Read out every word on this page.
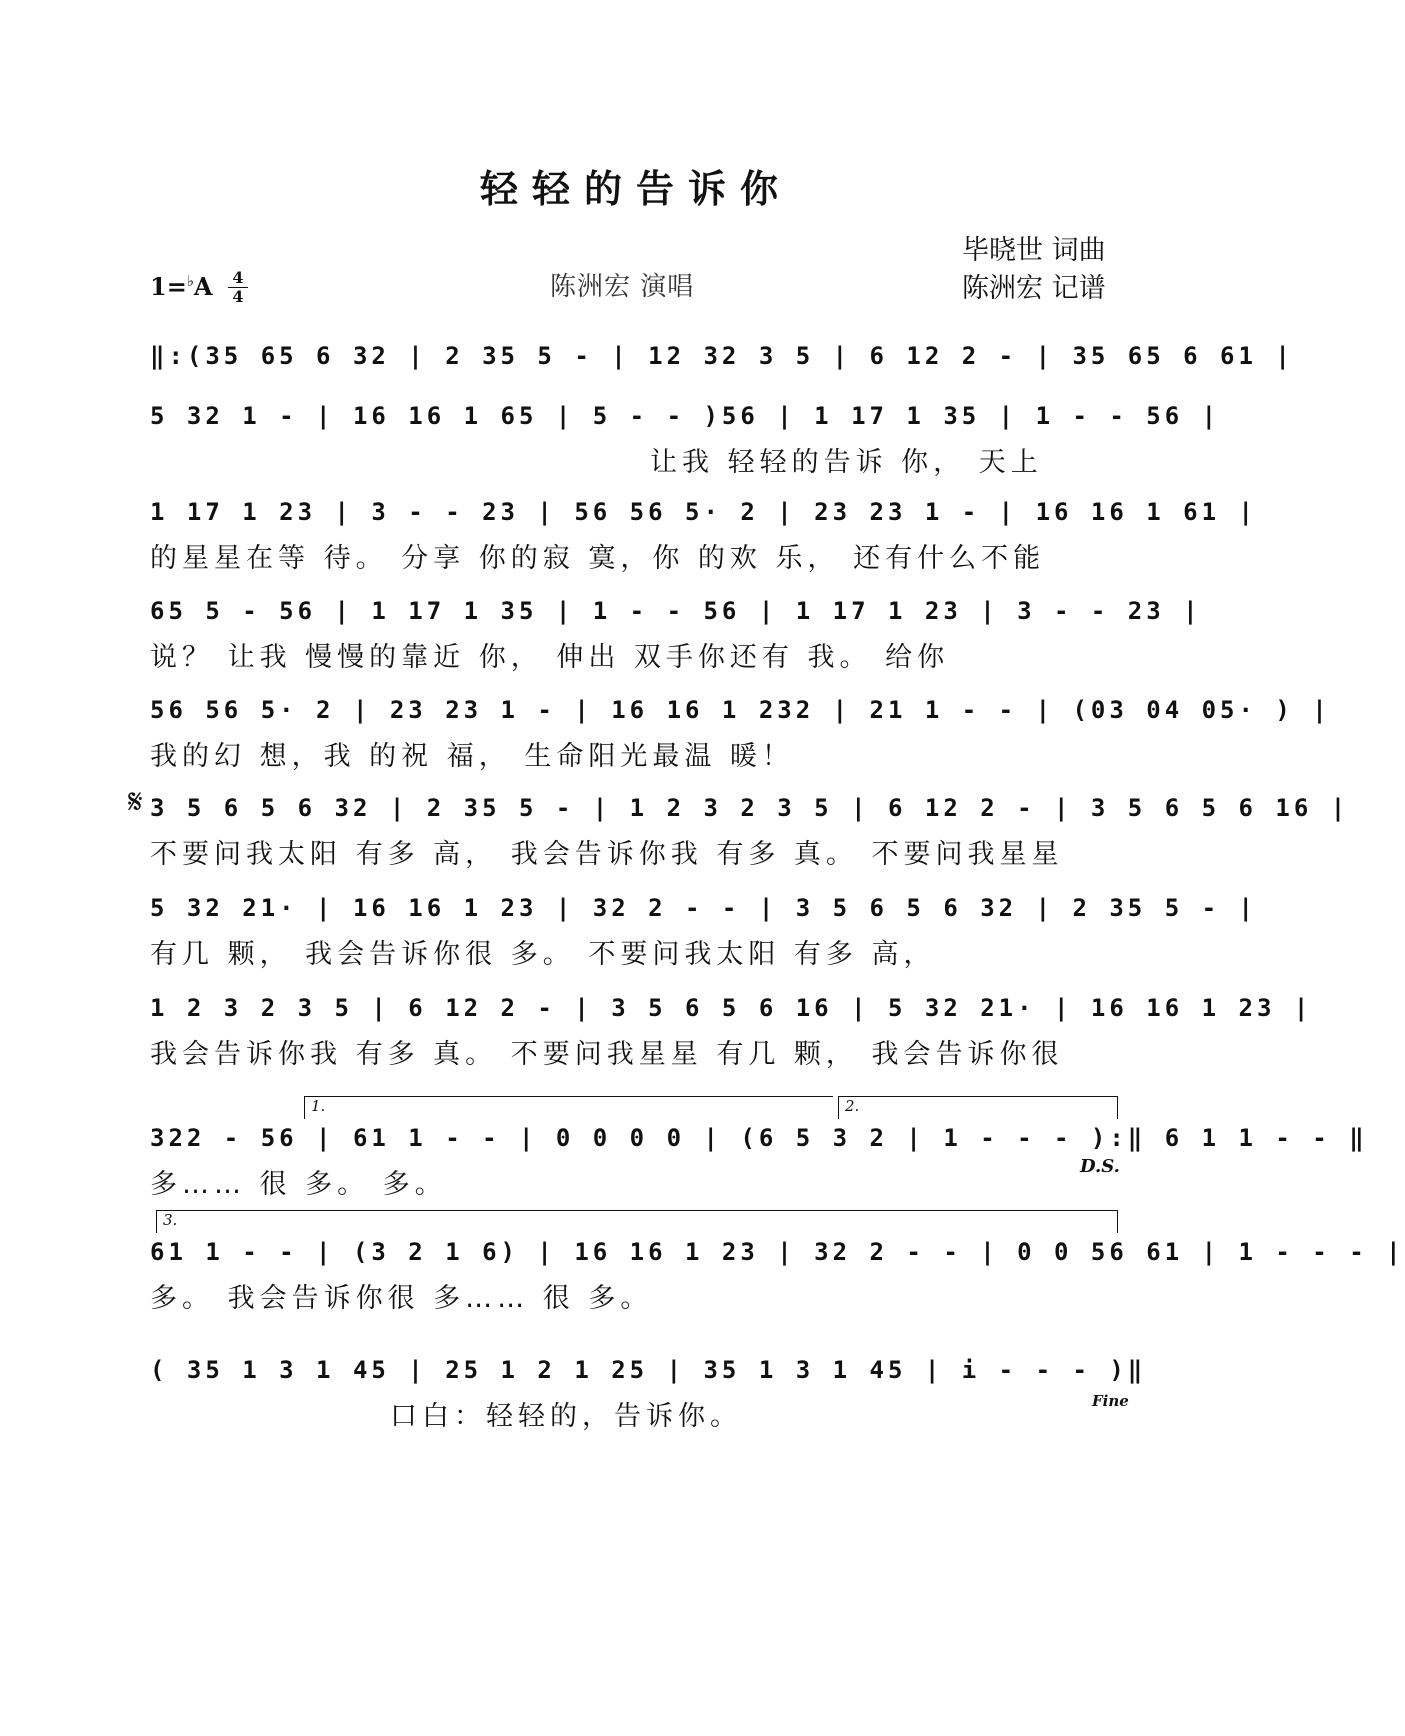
轻轻的告诉你
毕晓世 词曲
陈洲宏 记谱
陈洲宏 演唱
1=♭A 4
4
‖:(35 65 6 32 | 2 35 5 - | 12 32 3 5 | 6 12 2 - | 35 65 6 61 |
5 32 1 - | 16 16 1 65 | 5 - - )56 | 1 17 1 35 | 1 - - 56 |
让我 轻轻的告诉 你， 天上
1 17 1 23 | 3 - - 23 | 56 56 5· 2 | 23 23 1 - | 16 16 1 61 |
的星星在等 待。 分享 你的寂 寞，你 的欢 乐， 还有什么不能
65 5 - 56 | 1 17 1 35 | 1 - - 56 | 1 17 1 23 | 3 - - 23 |
说？ 让我 慢慢的靠近 你， 伸出 双手你还有 我。 给你
56 56 5· 2 | 23 23 1 - | 16 16 1 232 | 21 1 - - | (03 04 05· ) |
我的幻 想，我 的祝 福， 生命阳光最温 暖！
𝄋 3 5 6 5 6 32 | 2 35 5 - | 1 2 3 2 3 5 | 6 12 2 - | 3 5 6 5 6 16 |
不要问我太阳 有多 高， 我会告诉你我 有多 真。 不要问我星星
5 32 21· | 16 16 1 23 | 32 2 - - | 3 5 6 5 6 32 | 2 35 5 - |
有几 颗， 我会告诉你很 多。 不要问我太阳 有多 高，
1 2 3 2 3 5 | 6 12 2 - | 3 5 6 5 6 16 | 5 32 21· | 16 16 1 23 |
我会告诉你我 有多 真。 不要问我星星 有几 颗， 我会告诉你很
1.	2.
322 - 56 | 61 1 - - | 0 0 0 0 | (6 5 3 2 | 1 - - - ):‖ 6 1 1 - - ‖
多…… 很 多。 多。
D.S.
3.
61 1 - - | (3 2 1 6) | 16 16 1 23 | 32 2 - - | 0 0 56 61 | 1 - - - |
多。 我会告诉你很 多…… 很 多。
( 35 1 3 1 45 | 25 1 2 1 25 | 35 1 3 1 45 | i - - - )‖
口白：轻轻的，告诉你。	Fine
